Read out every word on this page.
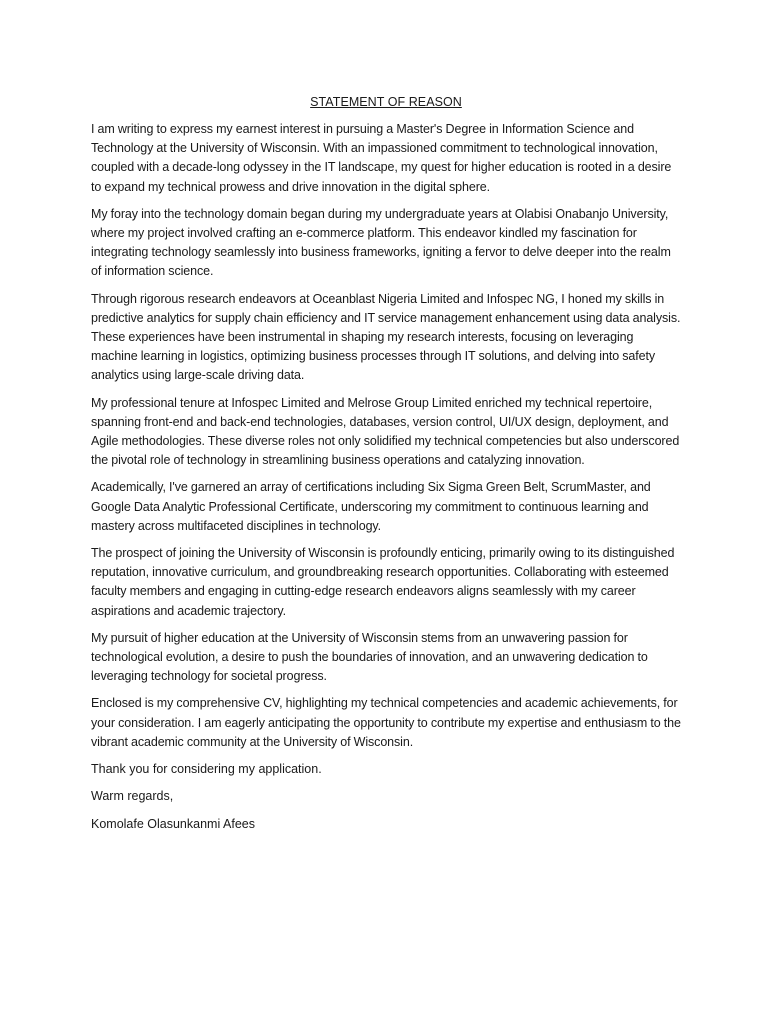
STATEMENT OF REASON

I am writing to express my earnest interest in pursuing a Master's Degree in Information Science and Technology at the University of Wisconsin. With an impassioned commitment to technological innovation, coupled with a decade-long odyssey in the IT landscape, my quest for higher education is rooted in a desire to expand my technical prowess and drive innovation in the digital sphere.

My foray into the technology domain began during my undergraduate years at Olabisi Onabanjo University, where my project involved crafting an e-commerce platform. This endeavor kindled my fascination for integrating technology seamlessly into business frameworks, igniting a fervor to delve deeper into the realm of information science.

Through rigorous research endeavors at Oceanblast Nigeria Limited and Infospec NG, I honed my skills in predictive analytics for supply chain efficiency and IT service management enhancement using data analysis. These experiences have been instrumental in shaping my research interests, focusing on leveraging machine learning in logistics, optimizing business processes through IT solutions, and delving into safety analytics using large-scale driving data.

My professional tenure at Infospec Limited and Melrose Group Limited enriched my technical repertoire, spanning front-end and back-end technologies, databases, version control, UI/UX design, deployment, and Agile methodologies. These diverse roles not only solidified my technical competencies but also underscored the pivotal role of technology in streamlining business operations and catalyzing innovation.

Academically, I've garnered an array of certifications including Six Sigma Green Belt, ScrumMaster, and Google Data Analytic Professional Certificate, underscoring my commitment to continuous learning and mastery across multifaceted disciplines in technology.

The prospect of joining the University of Wisconsin is profoundly enticing, primarily owing to its distinguished reputation, innovative curriculum, and groundbreaking research opportunities. Collaborating with esteemed faculty members and engaging in cutting-edge research endeavors aligns seamlessly with my career aspirations and academic trajectory.

My pursuit of higher education at the University of Wisconsin stems from an unwavering passion for technological evolution, a desire to push the boundaries of innovation, and an unwavering dedication to leveraging technology for societal progress.

Enclosed is my comprehensive CV, highlighting my technical competencies and academic achievements, for your consideration. I am eagerly anticipating the opportunity to contribute my expertise and enthusiasm to the vibrant academic community at the University of Wisconsin.

Thank you for considering my application.

Warm regards,

Komolafe Olasunkanmi Afees
